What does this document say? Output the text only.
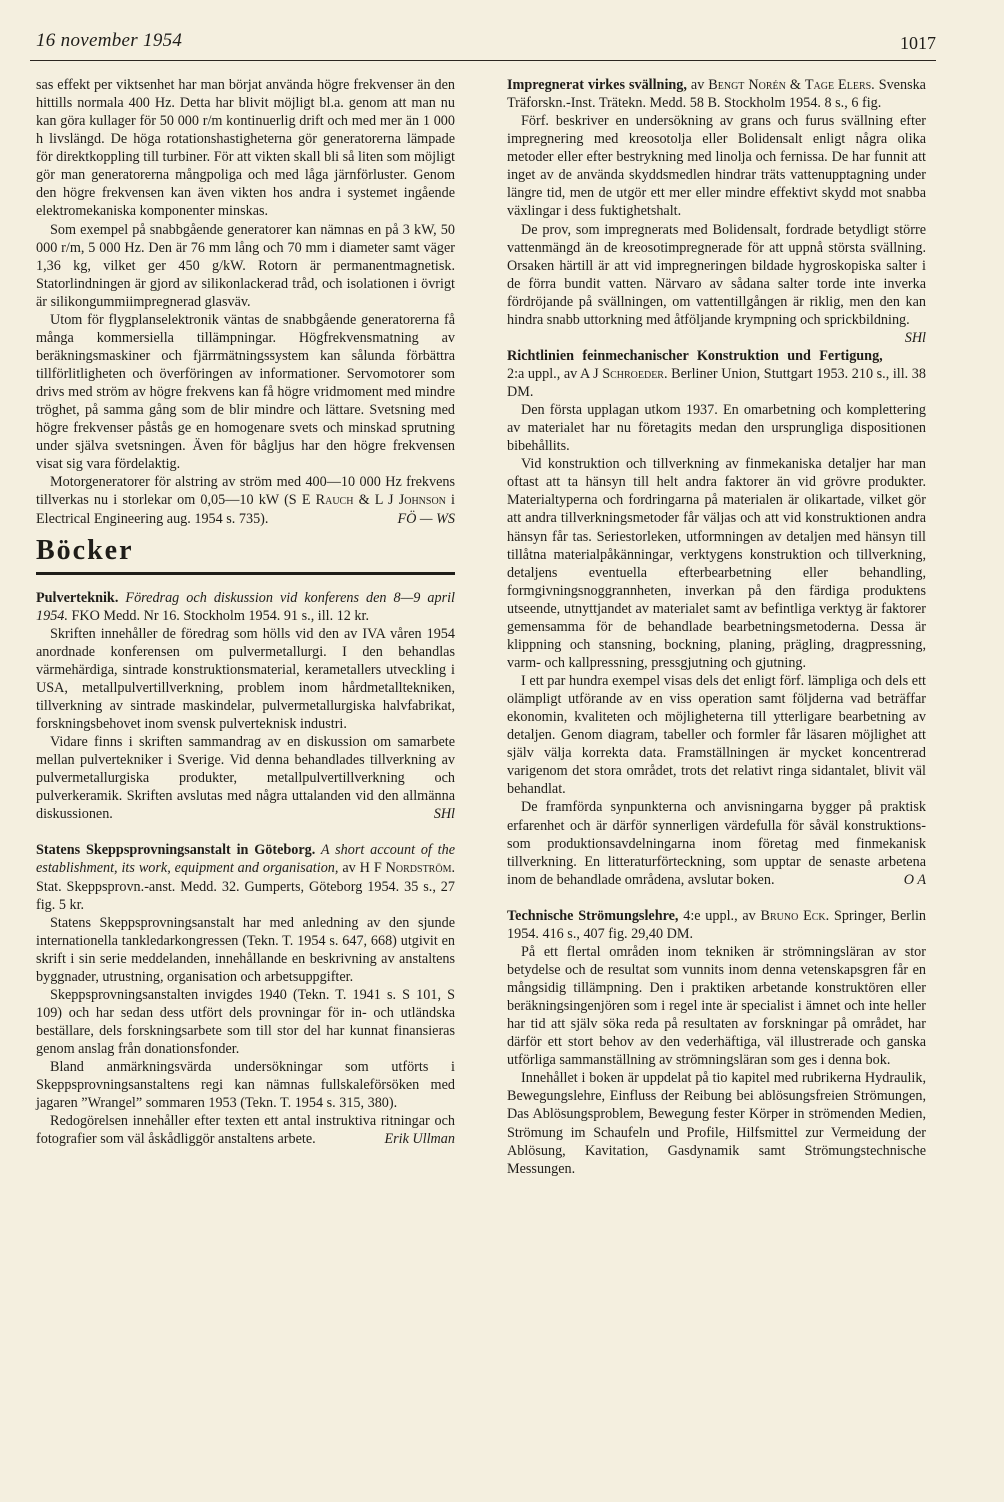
16 november 1954	1017

sas effekt per viktsenhet har man börjat använda högre frekvenser än den hittills normala 400 Hz. Detta har blivit möjligt bl.a. genom att man nu kan göra kullager för 50 000 r/m kontinuerlig drift och med mer än 1 000 h livslängd. De höga rotationshastigheterna gör generatorerna lämpade för direktkoppling till turbiner. För att vikten skall bli så liten som möjligt gör man generatorerna mångpoliga och med låga järnförluster. Genom den högre frekvensen kan även vikten hos andra i systemet ingående elektromekaniska komponenter minskas.

Som exempel på snabbgående generatorer kan nämnas en på 3 kW, 50 000 r/m, 5 000 Hz. Den är 76 mm lång och 70 mm i diameter samt väger 1,36 kg, vilket ger 450 g/kW. Rotorn är permanentmagnetisk. Statorlindningen är gjord av silikonlackerad tråd, och isolationen i övrigt är silikongummiimpregnerad glasväv.

Utom för flygplanselektronik väntas de snabbgående generatorerna få många kommersiella tillämpningar. Högfrekvensmatning av beräkningsmaskiner och fjärrmätningssystem kan sålunda förbättra tillförlitligheten och överföringen av informationer. Servomotorer som drivs med ström av högre frekvens kan få högre vridmoment med mindre tröghet, på samma gång som de blir mindre och lättare. Svetsning med högre frekvenser påstås ge en homogenare svets och minskad sprutning under själva svetsningen. Även för bågljus har den högre frekvensen visat sig vara fördelaktig.

Motorgeneratorer för alstring av ström med 400—10 000 Hz frekvens tillverkas nu i storlekar om 0,05—10 kW (S E Rauch & L J Johnson i Electrical Engineering aug. 1954 s. 735).	FÖ — WS

Böcker
Pulverteknik. Föredrag och diskussion vid konferens den 8—9 april 1954. FKO Medd. Nr 16. Stockholm 1954. 91 s., ill. 12 kr.

Skriften innehåller de föredrag som hölls vid den av IVA våren 1954 anordnade konferensen om pulvermetallurgi. I den behandlas värmehärdiga, sintrade konstruktionsmaterial, kerametallers utveckling i USA, metallpulvertillverkning, problem inom hårdmetalltekniken, tillverkning av sintrade maskindelar, pulvermetallurgiska halvfabrikat, forskningsbehovet inom svensk pulverteknisk industri.

Vidare finns i skriften sammandrag av en diskussion om samarbete mellan pulvertekniker i Sverige. Vid denna behandlades tillverkning av pulvermetallurgiska produkter, metallpulvertillverkning och pulverkeramik. Skriften avslutas med några uttalanden vid den allmänna diskussionen.	SHl

Statens Skeppsprovningsanstalt in Göteborg. A short account of the establishment, its work, equipment and organisation, av H F Nordström. Stat. Skeppsprovn.-anst. Medd. 32. Gumperts, Göteborg 1954. 35 s., 27 fig. 5 kr.

Statens Skeppsprovningsanstalt har med anledning av den sjunde internationella tankledarkongressen (Tekn. T. 1954 s. 647, 668) utgivit en skrift i sin serie meddelanden, innehållande en beskrivning av anstaltens byggnader, utrustning, organisation och arbetsuppgifter.

Skeppsprovningsanstalten invigdes 1940 (Tekn. T. 1941 s. S 101, S 109) och har sedan dess utfört dels provningar för in- och utländska beställare, dels forskningsarbete som till stor del har kunnat finansieras genom anslag från donationsfonder.

Bland anmärkningsvärda undersökningar som utförts i Skeppsprovningsanstaltens regi kan nämnas fullskaleförsöken med jagaren ”Wrangel” sommaren 1953 (Tekn. T. 1954 s. 315, 380).

Redogörelsen innehåller efter texten ett antal instruktiva ritningar och fotografier som väl åskådliggör anstaltens arbete.	Erik Ullman

Impregnerat virkes svällning, av Bengt Norén & Tage Elers. Svenska Träforskn.-Inst. Trätekn. Medd. 58 B. Stockholm 1954. 8 s., 6 fig.

Förf. beskriver en undersökning av grans och furus svällning efter impregnering med kreosotolja eller Bolidensalt enligt några olika metoder eller efter bestrykning med linolja och fernissa. De har funnit att inget av de använda skyddsmedlen hindrar träts vattenupptagning under längre tid, men de utgör ett mer eller mindre effektivt skydd mot snabba växlingar i dess fuktighetshalt.

De prov, som impregnerats med Bolidensalt, fordrade betydligt större vattenmängd än de kreosotimpregnerade för att uppnå största svällning. Orsaken härtill är att vid impregneringen bildade hygroskopiska salter i de förra bundit vatten. Närvaro av sådana salter torde inte inverka fördröjande på svällningen, om vattentillgången är riklig, men den kan hindra snabb uttorkning med åtföljande krympning och sprickbildning.
SHl

Richtlinien feinmechanischer Konstruktion und Fertigung, 2:a uppl., av A J Schroeder. Berliner Union, Stuttgart 1953. 210 s., ill. 38 DM.

Den första upplagan utkom 1937. En omarbetning och komplettering av materialet har nu företagits medan den ursprungliga dispositionen bibehållits.

Vid konstruktion och tillverkning av finmekaniska detaljer har man oftast att ta hänsyn till helt andra faktorer än vid grövre produkter. Materialtyperna och fordringarna på materialen är olikartade, vilket gör att andra tillverkningsmetoder får väljas och att vid konstruktionen andra hänsyn får tas. Seriestorleken, utformningen av detaljen med hänsyn till tillåtna materialpåkänningar, verktygens konstruktion och tillverkning, detaljens eventuella efterbearbetning eller behandling, formgivningsnoggrannheten, inverkan på den färdiga produktens utseende, utnyttjandet av materialet samt av befintliga verktyg är faktorer gemensamma för de behandlade bearbetningsmetoderna. Dessa är klippning och stansning, bockning, planing, prägling, dragpressning, varm- och kallpressning, pressgjutning och gjutning.

I ett par hundra exempel visas dels det enligt förf. lämpliga och dels ett olämpligt utförande av en viss operation samt följderna vad beträffar ekonomin, kvaliteten och möjligheterna till ytterligare bearbetning av detaljen. Genom diagram, tabeller och formler får läsaren möjlighet att själv välja korrekta data. Framställningen är mycket koncentrerad varigenom det stora området, trots det relativt ringa sidantalet, blivit väl behandlat.

De framförda synpunkterna och anvisningarna bygger på praktisk erfarenhet och är därför synnerligen värdefulla för såväl konstruktions- som produktionsavdelningarna inom företag med finmekanisk tillverkning. En litteraturförteckning, som upptar de senaste arbetena inom de behandlade områdena, avslutar boken.	O A

Technische Strömungslehre, 4:e uppl., av Bruno Eck. Springer, Berlin 1954. 416 s., 407 fig. 29,40 DM.

På ett flertal områden inom tekniken är strömningsläran av stor betydelse och de resultat som vunnits inom denna vetenskapsgren får en mångsidig tillämpning. Den i praktiken arbetande konstruktören eller beräkningsingenjören som i regel inte är specialist i ämnet och inte heller har tid att själv söka reda på resultaten av forskningar på området, har därför ett stort behov av den vederhäftiga, väl illustrerade och ganska utförliga sammanställning av strömningsläran som ges i denna bok.

Innehållet i boken är uppdelat på tio kapitel med rubrikerna Hydraulik, Bewegungslehre, Einfluss der Reibung bei ablösungsfreien Strömungen, Das Ablösungsproblem, Bewegung fester Körper in strömenden Medien, Strömung im Schaufeln und Profile, Hilfsmittel zur Vermeidung der Ablösung, Kavitation, Gasdynamik samt Strömungstechnische Messungen.
